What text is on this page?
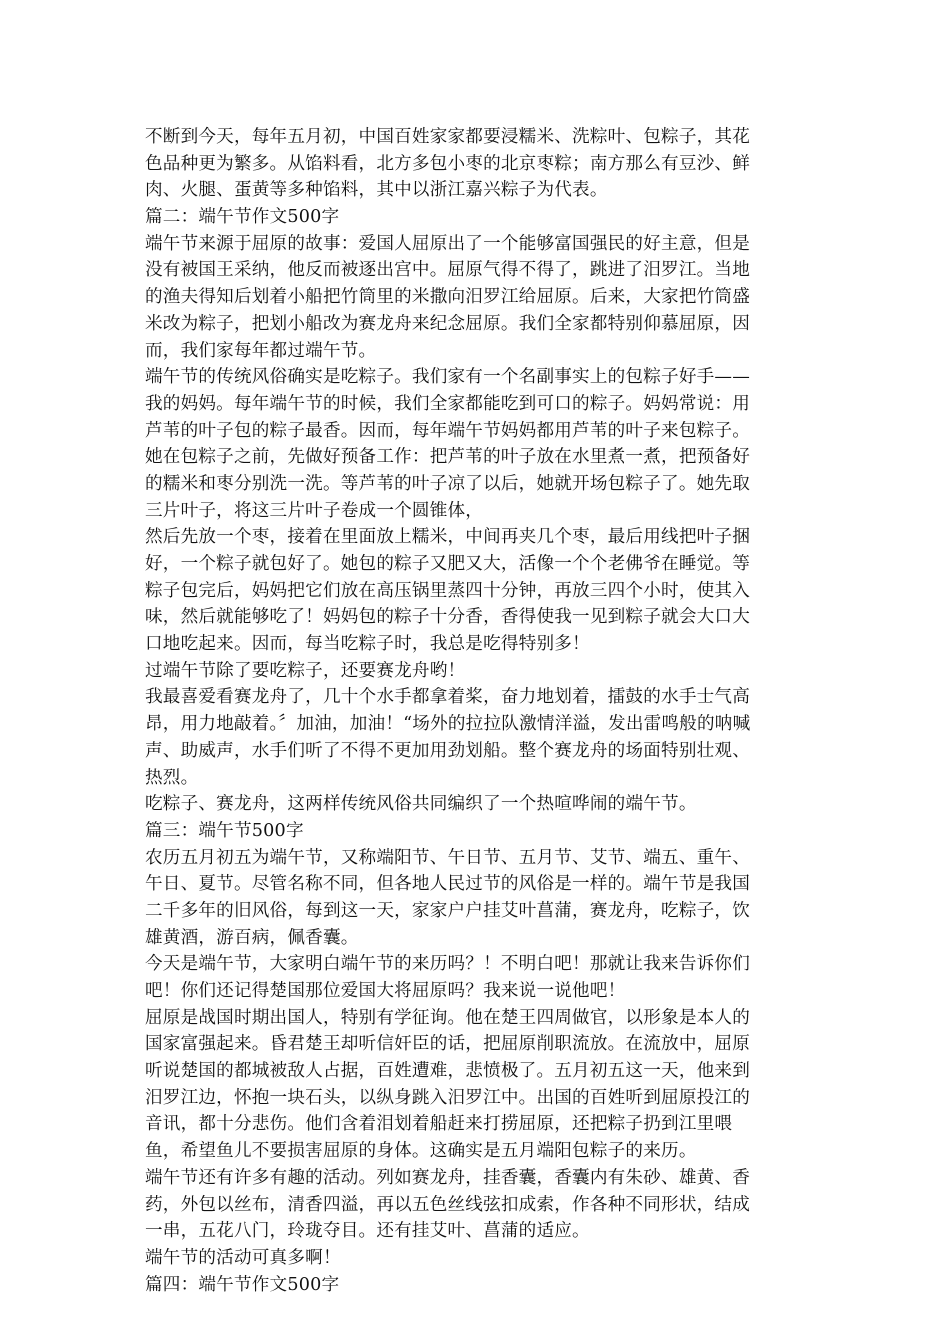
不断到今天，每年五月初，中国百姓家家都要浸糯米、洗粽叶、包粽子，其花
色品种更为繁多。从馅料看，北方多包小枣的北京枣粽；南方那么有豆沙、鲜
肉、火腿、蛋黄等多种馅料，其中以浙江嘉兴粽子为代表。
篇二：端午节作文500字
端午节来源于屈原的故事：爱国人屈原出了一个能够富国强民的好主意，但是
没有被国王采纳，他反而被逐出宫中。屈原气得不得了，跳进了汨罗江。当地
的渔夫得知后划着小船把竹筒里的米撒向汨罗江给屈原。后来，大家把竹筒盛
米改为粽子，把划小船改为赛龙舟来纪念屈原。我们全家都特别仰慕屈原，因
而，我们家每年都过端午节。
端午节的传统风俗确实是吃粽子。我们家有一个名副事实上的包粽子好手——
我的妈妈。每年端午节的时候，我们全家都能吃到可口的粽子。妈妈常说：用
芦苇的叶子包的粽子最香。因而，每年端午节妈妈都用芦苇的叶子来包粽子。
她在包粽子之前，先做好预备工作：把芦苇的叶子放在水里煮一煮，把预备好
的糯米和枣分别洗一洗。等芦苇的叶子凉了以后，她就开场包粽子了。她先取
三片叶子，将这三片叶子卷成一个圆锥体，
然后先放一个枣，接着在里面放上糯米，中间再夹几个枣，最后用线把叶子捆
好，一个粽子就包好了。她包的粽子又肥又大，活像一个个老佛爷在睡觉。等
粽子包完后，妈妈把它们放在高压锅里蒸四十分钟，再放三四个小时，使其入
味，然后就能够吃了！妈妈包的粽子十分香，香得使我一见到粽子就会大口大
口地吃起来。因而，每当吃粽子时，我总是吃得特别多！
过端午节除了要吃粽子，还要赛龙舟哟！
我最喜爱看赛龙舟了，几十个水手都拿着桨，奋力地划着，擂鼓的水手士气高
昂，用力地敲着。〞加油，加油！“场外的拉拉队激情洋溢，发出雷鸣般的呐喊
声、助威声，水手们听了不得不更加用劲划船。整个赛龙舟的场面特别壮观、
热烈。
吃粽子、赛龙舟，这两样传统风俗共同编织了一个热喧哗闹的端午节。
篇三：端午节500字
农历五月初五为端午节，又称端阳节、午日节、五月节、艾节、端五、重午、
午日、夏节。尽管名称不同，但各地人民过节的风俗是一样的。端午节是我国
二千多年的旧风俗，每到这一天，家家户户挂艾叶菖蒲，赛龙舟，吃粽子，饮
雄黄酒，游百病，佩香囊。
今天是端午节，大家明白端午节的来历吗？！不明白吧！那就让我来告诉你们
吧！你们还记得楚国那位爱国大将屈原吗？我来说一说他吧！
屈原是战国时期出国人，特别有学征询。他在楚王四周做官，以形象是本人的
国家富强起来。昏君楚王却听信奸臣的话，把屈原削职流放。在流放中，屈原
听说楚国的都城被敌人占据，百姓遭难，悲愤极了。五月初五这一天，他来到
汨罗江边，怀抱一块石头，以纵身跳入汨罗江中。出国的百姓听到屈原投江的
音讯，都十分悲伤。他们含着泪划着船赶来打捞屈原，还把粽子扔到江里喂
鱼，希望鱼儿不要损害屈原的身体。这确实是五月端阳包粽子的来历。
端午节还有许多有趣的活动。列如赛龙舟，挂香囊，香囊内有朱砂、雄黄、香
药，外包以丝布，清香四溢，再以五色丝线弦扣成索，作各种不同形状，结成
一串，五花八门，玲珑夺目。还有挂艾叶、菖蒲的适应。
端午节的活动可真多啊！
篇四：端午节作文500字
